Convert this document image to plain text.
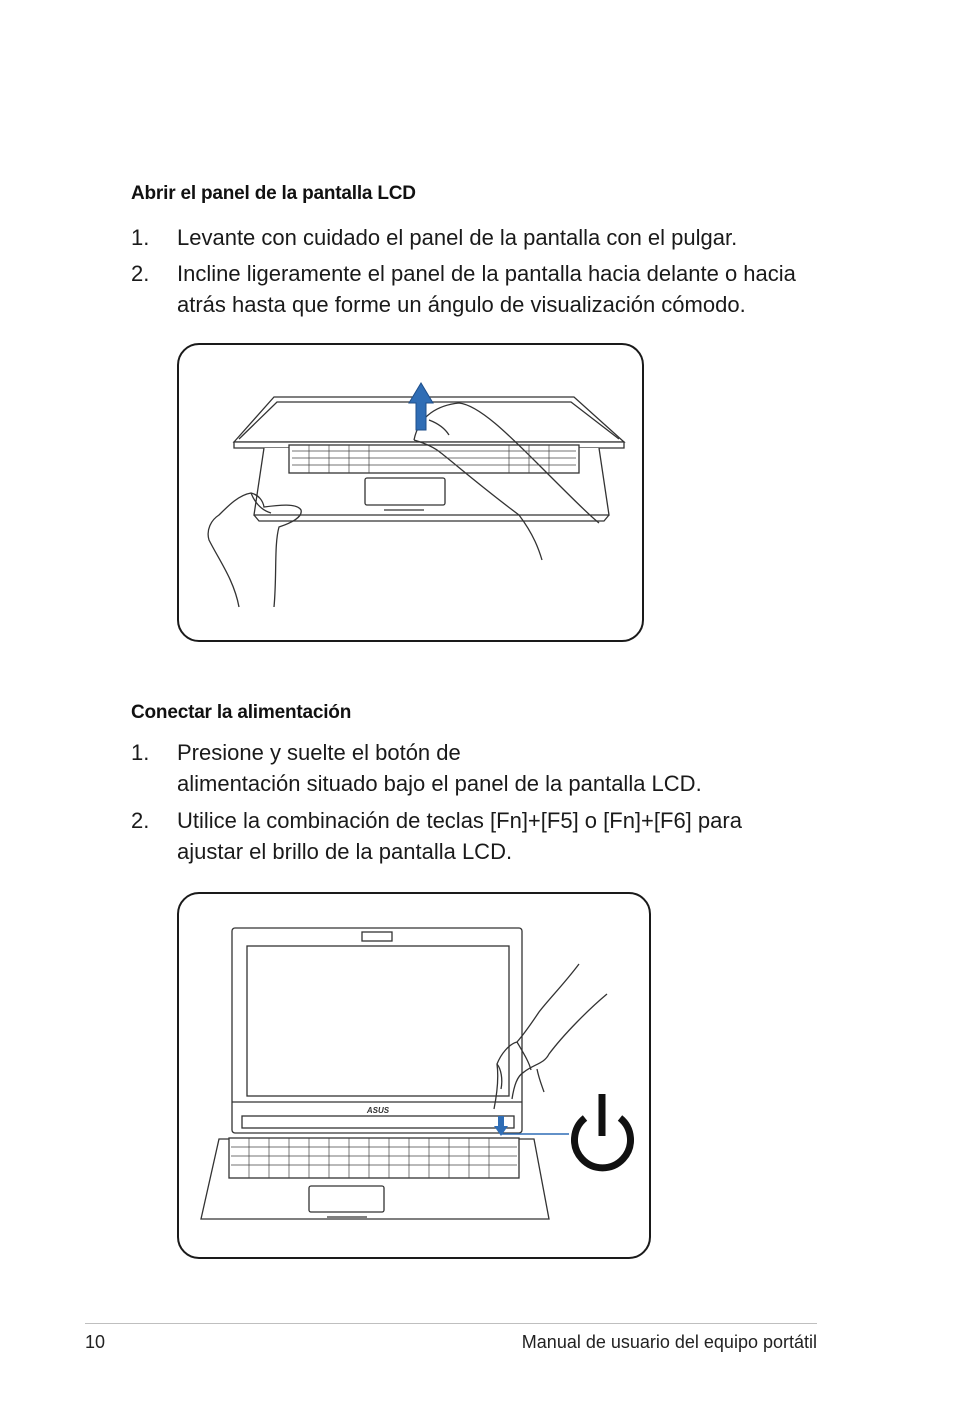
Abrir el panel de la pantalla LCD
1. Levante con cuidado el panel de la pantalla con el pulgar.
2. Incline ligeramente el panel de la pantalla hacia delante o hacia
atrás hasta que forme un ángulo de visualización cómodo.
Conectar la alimentación
1. Presione y suelte el botón de
alimentación situado bajo el panel de la pantalla LCD.
2. Utilice la combinación de teclas [Fn]+[F5] o [Fn]+[F6] para
ajustar el brillo de la pantalla LCD.
ASUS
10	Manual de usuario del equipo portátil
